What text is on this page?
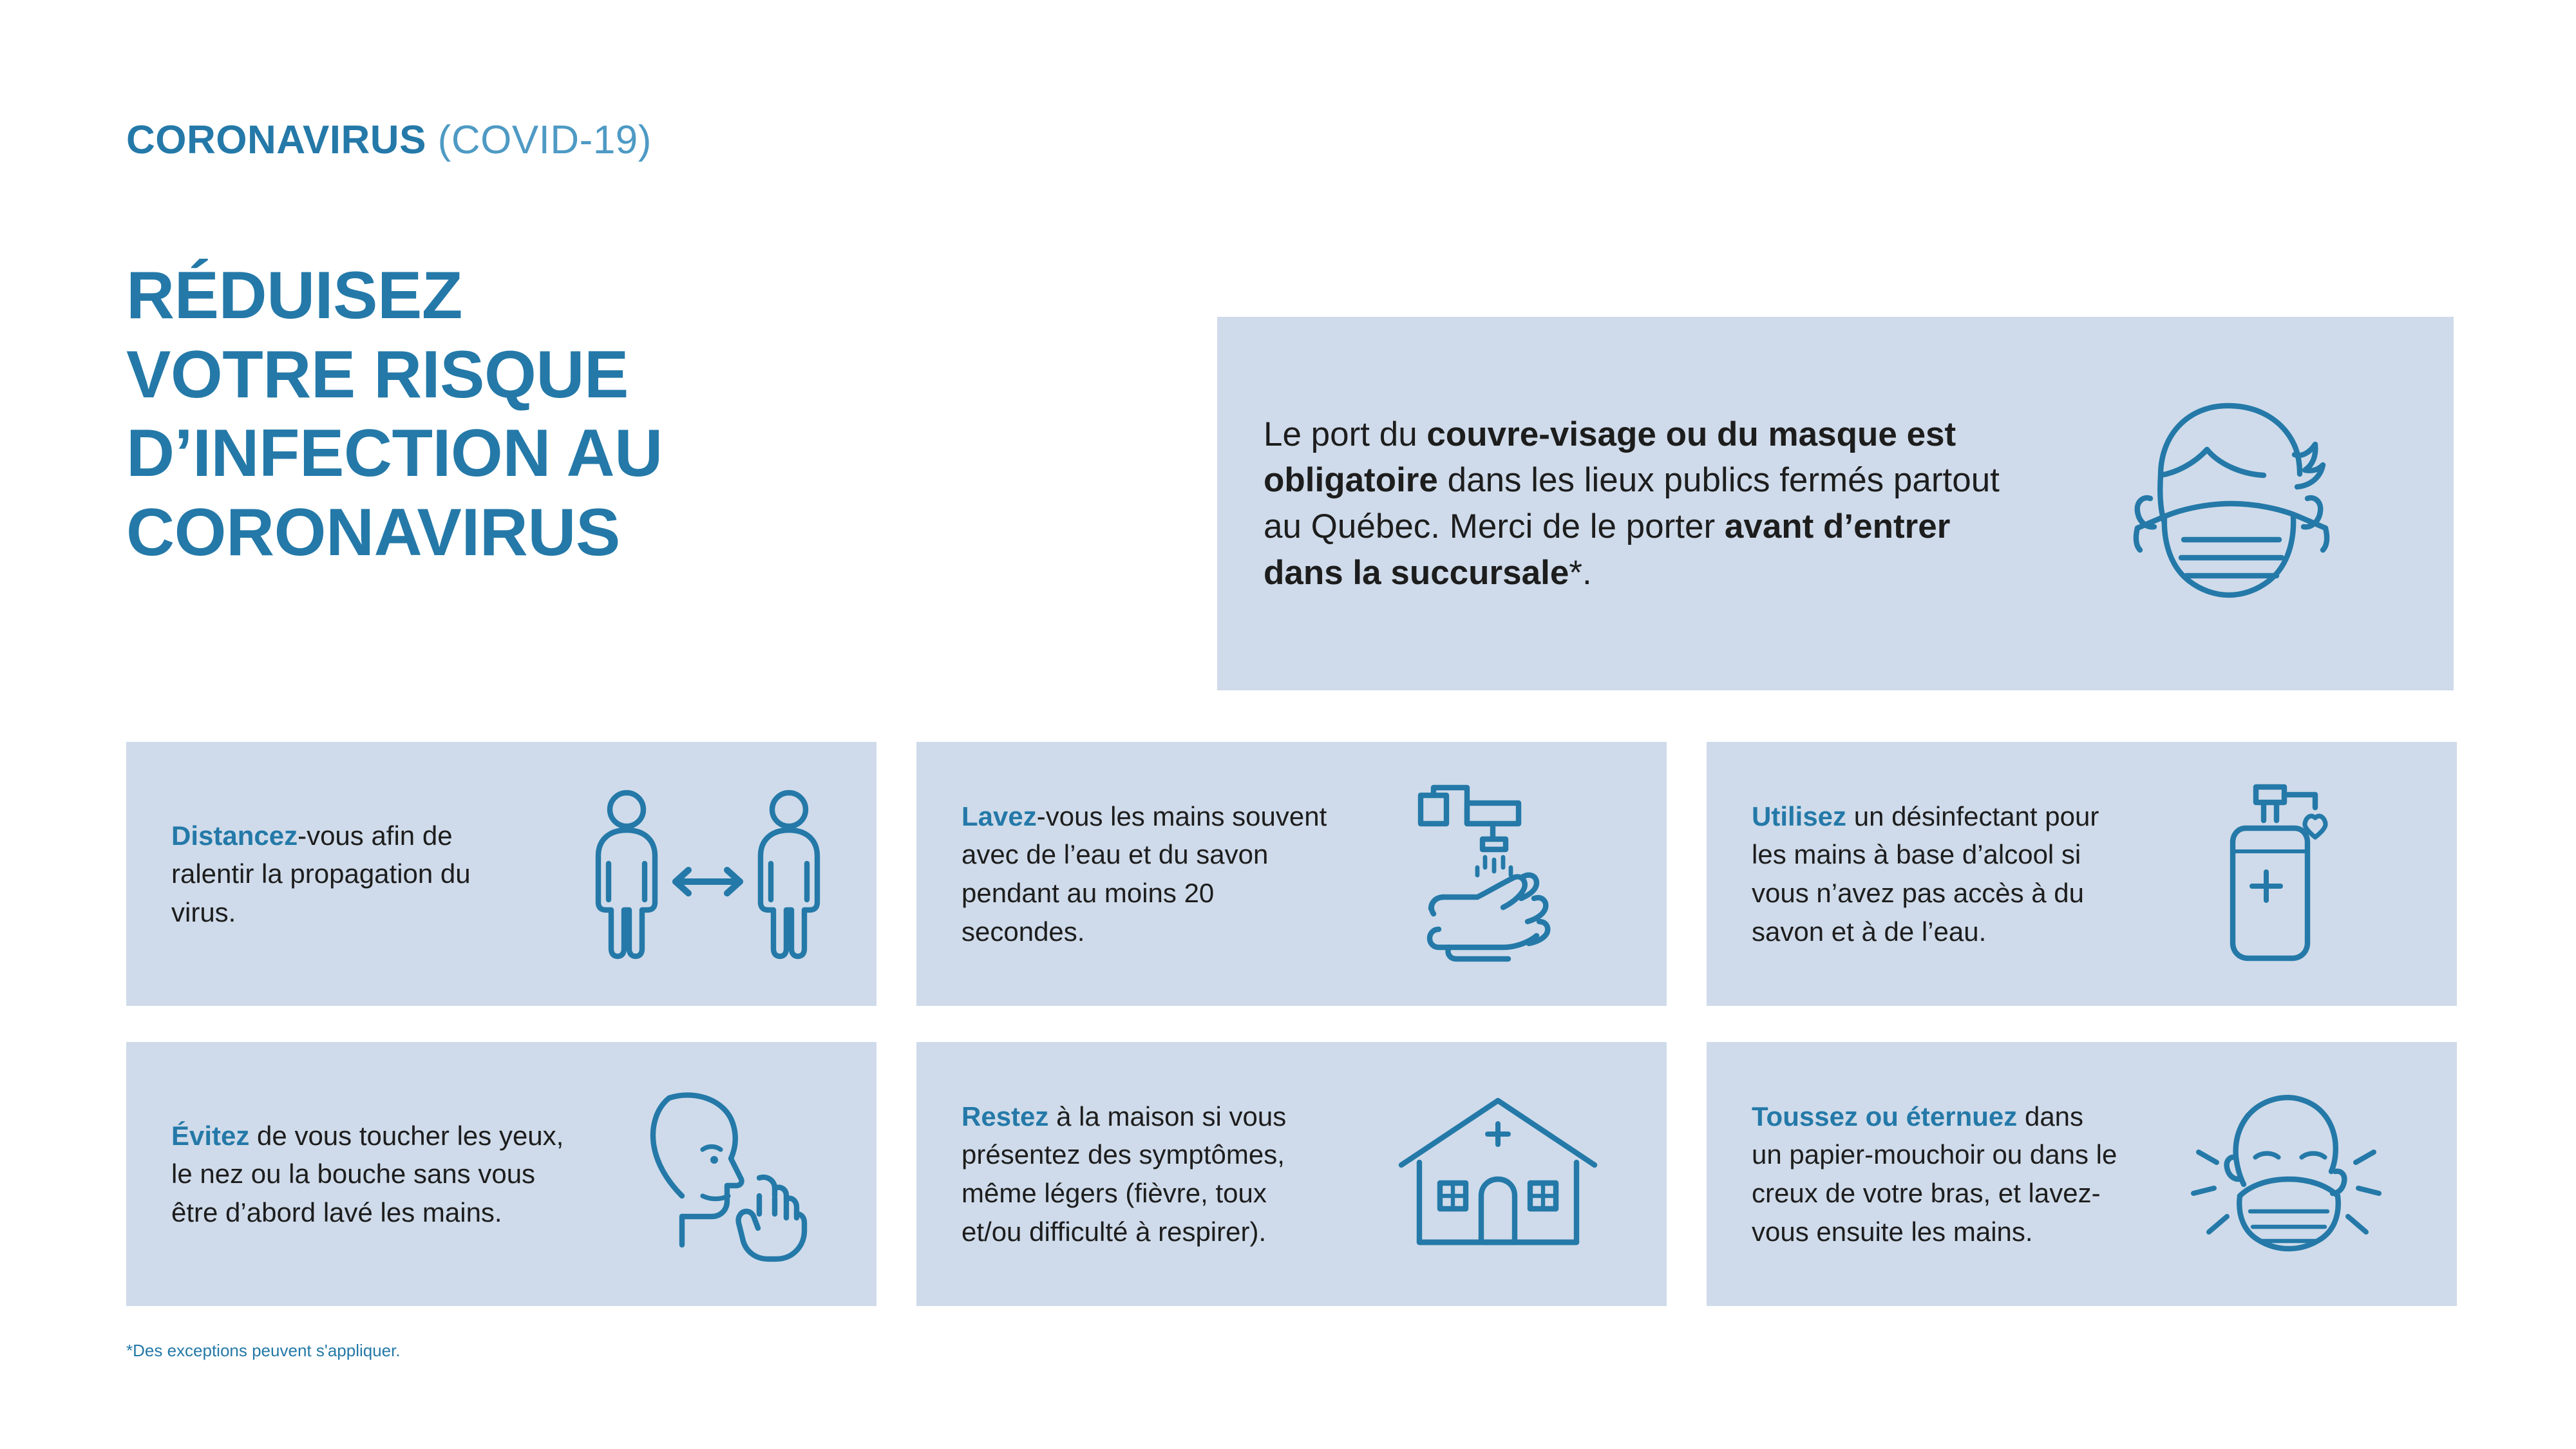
CORONAVIRUS (COVID-19)
RÉDUISEZ
VOTRE RISQUE
D’INFECTION AU
CORONAVIRUS
Le port du couvre-visage ou du masque est obligatoire dans les lieux publics fermés partout au Québec. Merci de le porter avant d’entrer dans la succursale*.
Distancez-vous afin de ralentir la propagation du virus.
Lavez-vous les mains souvent avec de l’eau et du savon pendant au moins 20 secondes.
Utilisez un désinfectant pour les mains à base d’alcool si vous n’avez pas accès à du savon et à de l’eau.
Évitez de vous toucher les yeux, le nez ou la bouche sans vous être d’abord lavé les mains.
Restez à la maison si vous présentez des symptômes, même légers (fièvre, toux et/ou difficulté à respirer).
Toussez ou éternuez dans un papier-mouchoir ou dans le creux de votre bras, et lavez-vous ensuite les mains.
*Des exceptions peuvent s'appliquer.
